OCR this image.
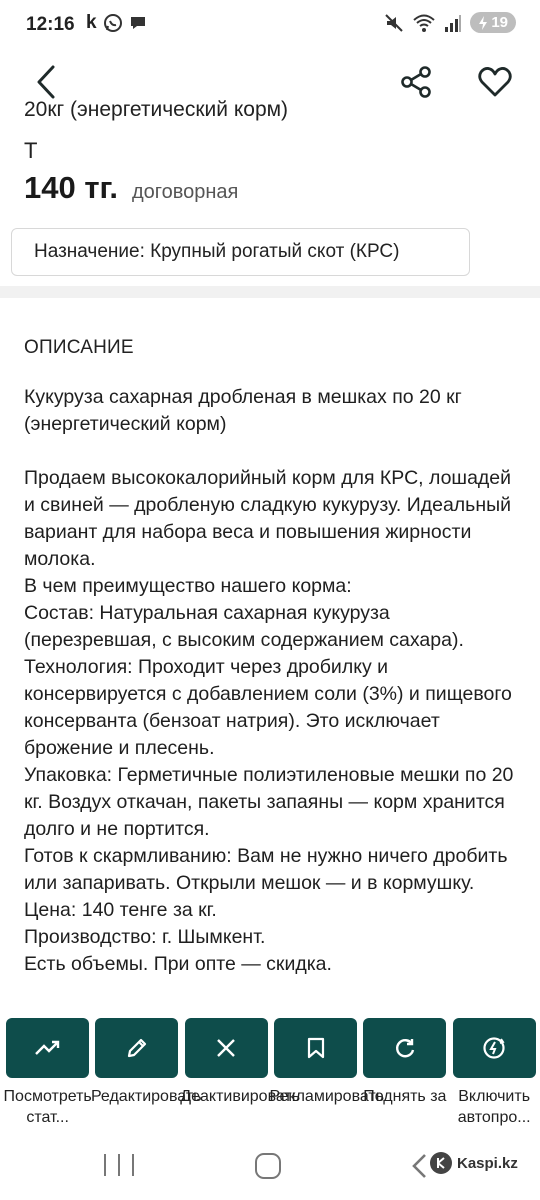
12:16 k	19
20кг (энергетический корм)
Т
140 тг. договорная
Назначение: Крупный рогатый скот (КРС)
ОПИСАНИЕ

Кукуруза сахарная дробленая в мешках по 20 кг (энергетический корм)

Продаем высококалорийный корм для КРС, лошадей и свиней — дробленую сладкую кукурузу. Идеальный вариант для набора веса и повышения жирности молока.

В чем преимущество нашего корма:

Состав: Натуральная сахарная кукуруза (перезревшая, с высоким содержанием сахара).

Технология: Проходит через дробилку и консервируется с добавлением соли (3%) и пищевого консерванта (бензоат натрия). Это исключает брожение и плесень.

Упаковка: Герметичные полиэтиленовые мешки по 20 кг. Воздух откачан, пакеты запаяны — корм хранится долго и не портится.

Готов к скармливанию: Вам не нужно ничего дробить или запаривать. Открыли мешок — и в кормушку.

Цена: 140 тенге за кг.

Производство: г. Шымкент.

Есть объемы. При опте — скидка.

Посмотреть стат...
Редактировать
Деактивировать
Рекламировать
Поднять за Включить автопро...
Kaspi.kz
